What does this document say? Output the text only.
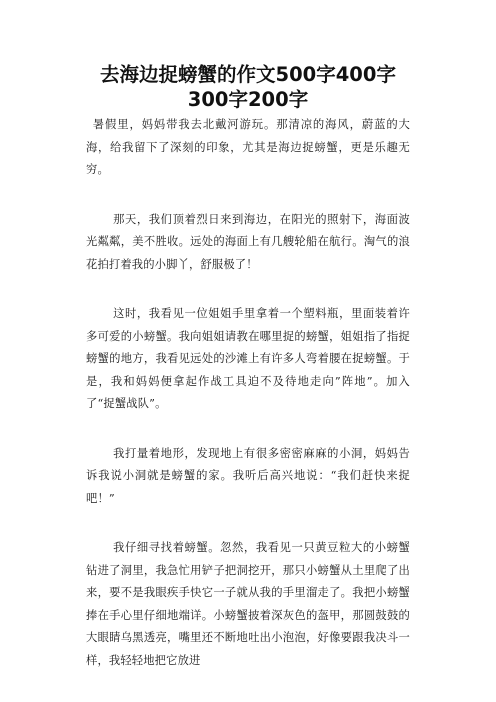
去海边捉螃蟹的作文500字400字300字200字

暑假里，妈妈带我去北戴河游玩。那清凉的海风，蔚蓝的大海，给我留下了深刻的印象，尤其是海边捉螃蟹，更是乐趣无穷。

那天，我们顶着烈日来到海边，在阳光的照射下，海面波光粼粼，美不胜收。远处的海面上有几艘轮船在航行。淘气的浪花拍打着我的小脚丫，舒服极了！

这时，我看见一位姐姐手里拿着一个塑料瓶，里面装着许多可爱的小螃蟹。我向姐姐请教在哪里捉的螃蟹，姐姐指了指捉螃蟹的地方，我看见远处的沙滩上有许多人弯着腰在捉螃蟹。于是，我和妈妈便拿起作战工具迫不及待地走向”阵地”。加入了“捉蟹战队”。

我打量着地形，发现地上有很多密密麻麻的小洞，妈妈告诉我说小洞就是螃蟹的家。我听后高兴地说：“我们赶快来捉吧！”

我仔细寻找着螃蟹。忽然，我看见一只黄豆粒大的小螃蟹钻进了洞里，我急忙用铲子把洞挖开，那只小螃蟹从土里爬了出来，要不是我眼疾手快它一子就从我的手里溜走了。我把小螃蟹捧在手心里仔细地端详。小螃蟹披着深灰色的盔甲，那圆鼓鼓的大眼睛乌黑透亮，嘴里还不断地吐出小泡泡，好像要跟我决斗一样，我轻轻地把它放进
